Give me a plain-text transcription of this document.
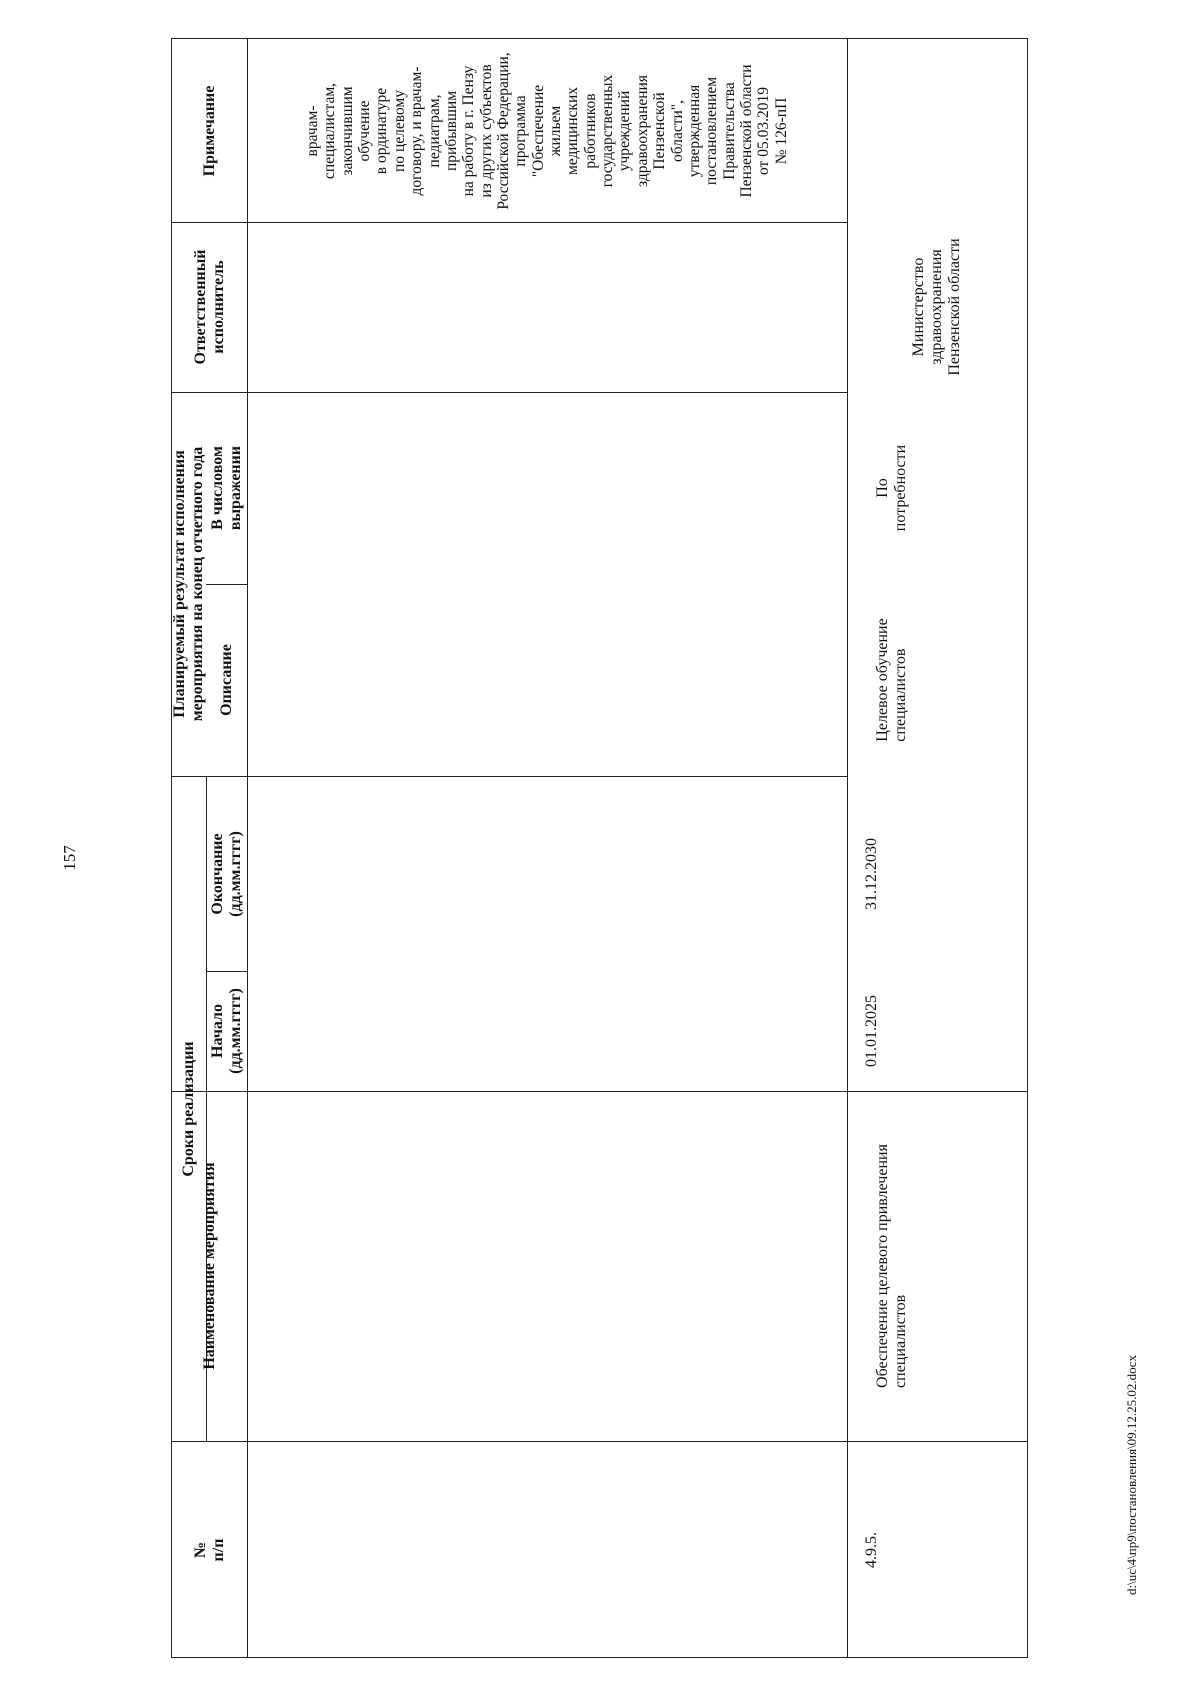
157
d:\uc\4\пр9\постановления\09.12.25.02.docx
Примечание
Ответственный исполнитель
Планируемый результат исполнения мероприятия на конец отчетного года В числовом выражении
Описание
Сроки реализации
Окончание (дд.мм.гггг)
Начало (дд.мм.гггг)
Наименование мероприятия
№ п/п
врачам- специалистам, закончившим обучение в ординатуре по целевому договору, и врачам- педиатрам, прибывшим на работу в г. Пензу из других субъектов Российской Федерации, программа "Обеспечение жильем медицинских работников государственных учреждений здравоохранения Пензенской области", утвержденная постановлением Правительства Пензенской области от 05.03.2019 № 126-пП
Министерство здравоохранения Пензенской области
По потребности
Целевое обучение специалистов
31.12.2030
01.01.2025
Обеспечение целевого привлечения специалистов
4.9.5.
